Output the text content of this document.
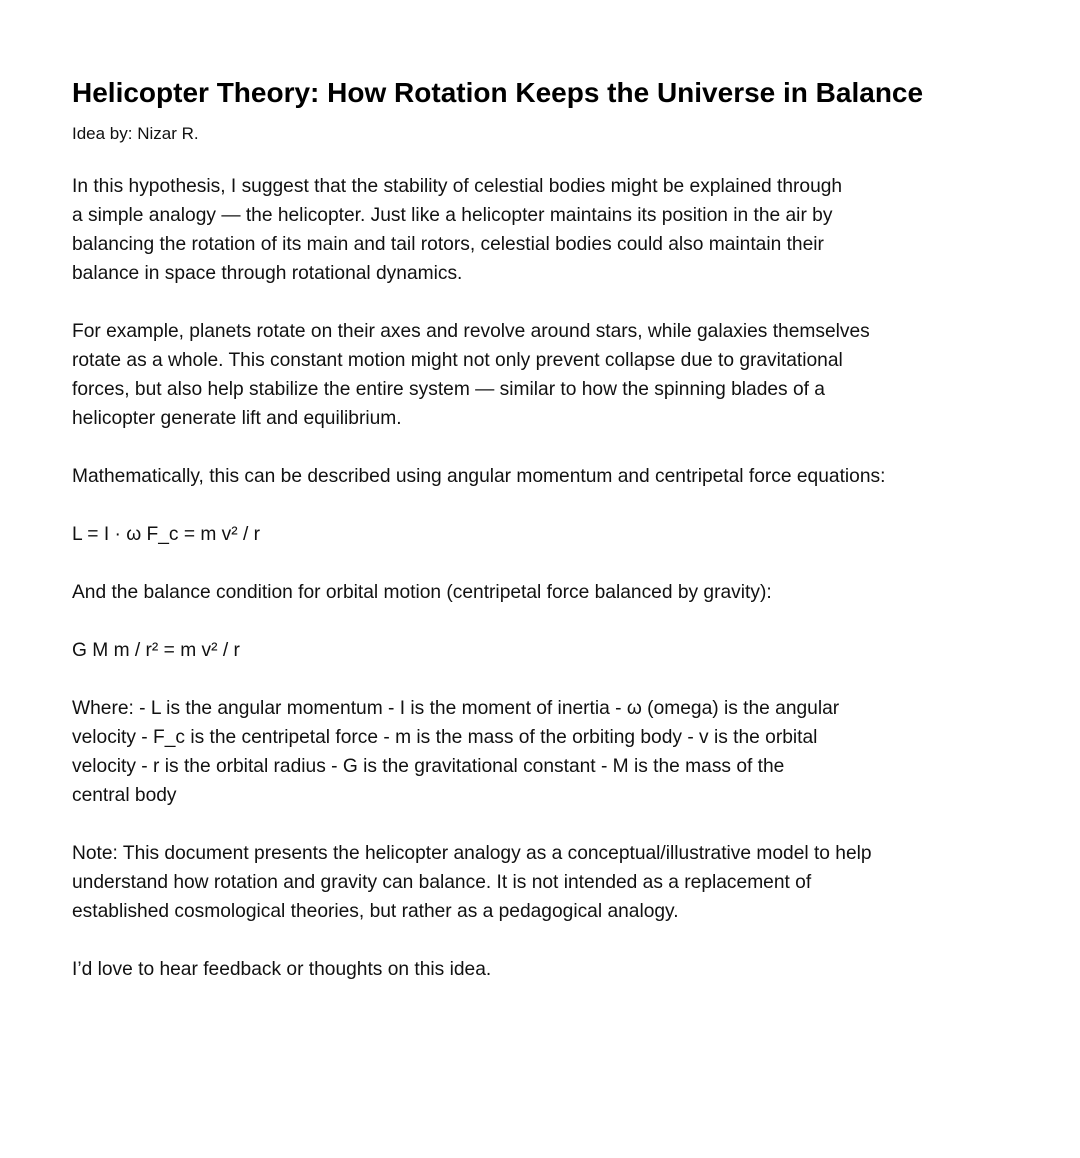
Helicopter Theory: How Rotation Keeps the Universe in Balance

Idea by: Nizar R.

In this hypothesis, I suggest that the stability of celestial bodies might be explained through
a simple analogy — the helicopter. Just like a helicopter maintains its position in the air by
balancing the rotation of its main and tail rotors, celestial bodies could also maintain their
balance in space through rotational dynamics.

For example, planets rotate on their axes and revolve around stars, while galaxies themselves
rotate as a whole. This constant motion might not only prevent collapse due to gravitational
forces, but also help stabilize the entire system — similar to how the spinning blades of a
helicopter generate lift and equilibrium.

Mathematically, this can be described using angular momentum and centripetal force equations:

L = I · ω F_c = m v² / r

And the balance condition for orbital motion (centripetal force balanced by gravity):

G M m / r² = m v² / r

Where: - L is the angular momentum - I is the moment of inertia - ω (omega) is the angular
velocity - F_c is the centripetal force - m is the mass of the orbiting body - v is the orbital
velocity - r is the orbital radius - G is the gravitational constant - M is the mass of the
central body

Note: This document presents the helicopter analogy as a conceptual/illustrative model to help
understand how rotation and gravity can balance. It is not intended as a replacement of
established cosmological theories, but rather as a pedagogical analogy.

I’d love to hear feedback or thoughts on this idea.
